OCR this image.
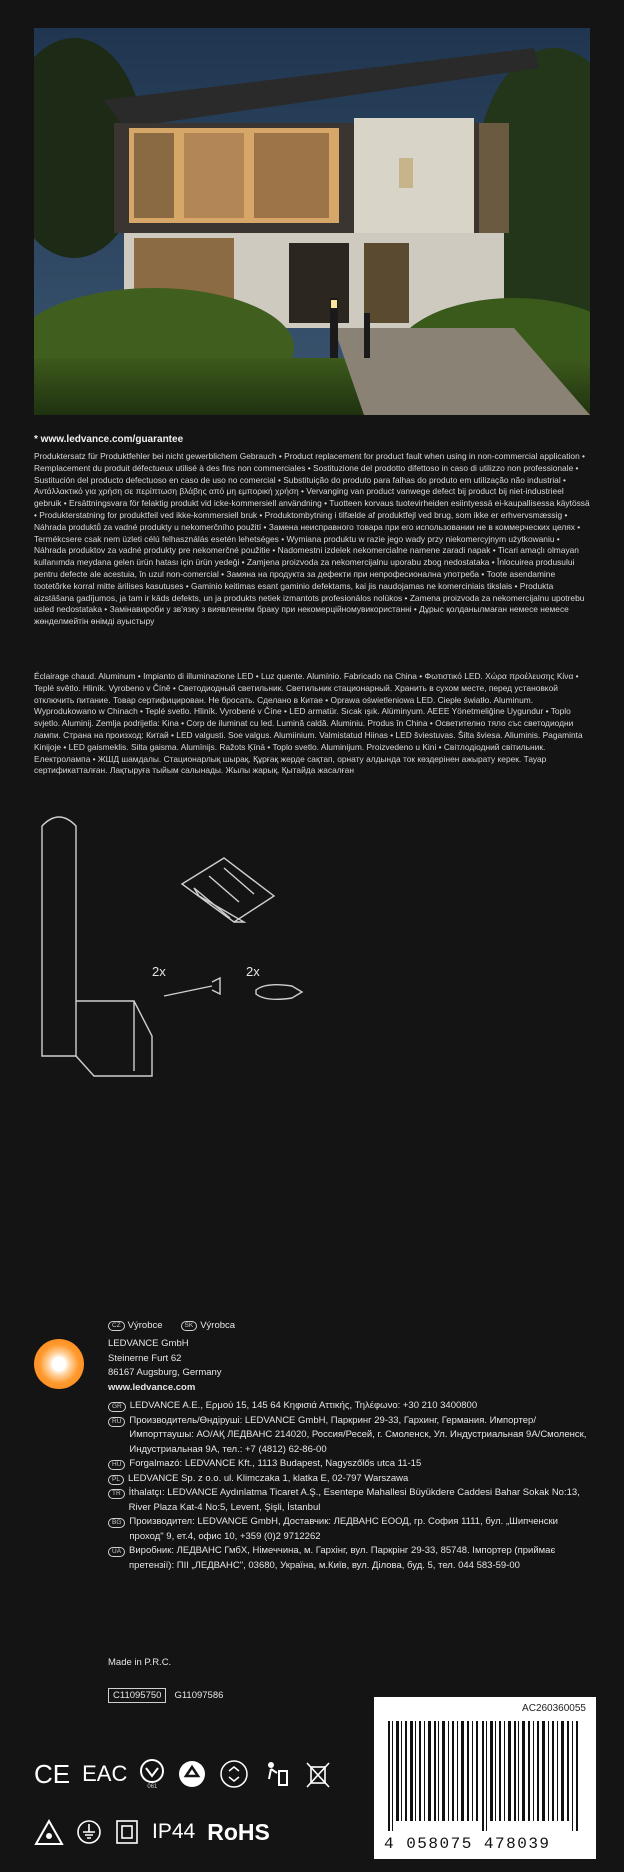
* www.ledvance.com/guarantee

Produktersatz für Produktfehler bei nicht gewerblichem Gebrauch • Product replacement for product fault when using in non-commercial application • Remplacement du produit défectueux utilisé à des fins non commerciales • Sostituzione del prodotto difettoso in caso di utilizzo non professionale • Sustitución del producto defectuoso en caso de uso no comercial • Substituição do produto para falhas do produto em utilização não industrial • Αντάλλακτικό για χρήση σε περίπτωση βλάβης από μη εμπορική χρήση • Vervanging van product vanwege defect bij product bij niet-industrieel gebruik • Ersättningsvara för felaktig produkt vid icke-kommersiell användning • Tuotteen korvaus tuotevirheiden esiintyessä ei-kaupallisessa käytössä • Produkterstatning for produktfeil ved ikke-kommersiell bruk • Produktombytning i tilfælde af produktfejl ved brug, som ikke er erhvervsmæssig • Náhrada produktů za vadné produkty u nekomerčního použití • Замена неисправного товара при его использовании не в коммерческих целях • Termékcsere csak nem üzleti célú felhasználás esetén lehetséges • Wymiana produktu w razie jego wady przy niekomercyjnym użytkowaniu • Náhrada produktov za vadné produkty pre nekomerčné použitie • Nadomestni izdelek nekomercialne namene zaradi napak • Ticari amaçlı olmayan kullanımda meydana gelen ürün hatası için ürün yedeği • Zamjena proizvoda za nekomercijalnu uporabu zbog nedostataka • Înlocuirea produsului pentru defecte ale acestuia, în uzul non-comercial • Замяна на продукта за дефекти при непрофесионална употреба • Toote asendamine tootetõrke korral mitte ärilises kasutuses • Gaminio keitimas esant gaminio defektams, kai jis naudojamas ne komerciniais tikslais • Produkta aizstāšana gadījumos, ja tam ir kāds defekts, un ja produkts netiek izmantots profesionālos nolūkos • Zamena proizvoda za nekomercijalnu upotrebu usled nedostataka • Замінавироби у зв'язку з виявленням браку при некомерційномувикористанні • Дұрыс қолданылмаған немесе немесе жөнделмейтін өнімді ауыстыру

Éclairage chaud. Aluminum • Impianto di illuminazione LED • Luz quente. Alumínio. Fabricado na China • Φωτιστικό LED. Χώρα προέλευσης Κίνα • Teplé světlo. Hliník. Vyrobeno v Číně • Светодиодный светильник. Светильник стационарный. Хранить в сухом месте, перед установкой отключить питание. Товар сертифицирован. Не бросать. Сделано в Китае • Oprawa oświetleniowa LED. Ciepłe światło. Aluminum. Wyprodukowano w Chinach • Teplé svetlo. Hliník. Vyrobené v Číne • LED armatür. Sıcak ışık. Alüminyum. AEEE Yönetmeliğine Uygundur • Toplo svjetlo. Aluminij. Zemlja podrijetla: Kina • Corp de iluminat cu led. Lumină caldă. Aluminiu. Produs în China • Осветително тяло със светодиодни лампи. Страна на произход: Китай • LED valgusti. Soe valgus. Alumiinium. Valmistatud Hiinas • LED šviestuvas. Šilta šviesa. Aliuminis. Pagaminta Kinijoje • LED gaismeklis. Silta gaisma. Alumīnijs. Ražots Ķīnā • Toplo svetlo. Aluminijum. Proizvedeno u Kini • Світлодіодний світильник. Електролампа • ЖШД шамдалы. Стационарлық шырақ. Құрғақ жерде сақтап, орнату алдында ток көздерінен ажырату керек. Тауар сертификатталған. Лақтыруға тыйым салынады. Жылы жарық. Қытайда жасалған

2x	2x
CZ Výrobce	SK Výrobca
LEDVANCE GmbH
Steinerne Furt 62
86167 Augsburg, Germany
www.ledvance.com
GR LEDVANCE A.E., Ερμού 15, 145 64 Κηφισιά Αττικής, Τηλέφωνο: +30 210 3400800
RU Производитель/Өндіруші: LEDVANCE GmbH, Паркринг 29-33, Гархинг, Германия. Импортер/Импорттаушы: АО/АҚ ЛЕДВАНС 214020, Россия/Ресей, г. Смоленск, Ул. Индустриальная 9А/Смоленск, Индустриальная 9А, тел.: +7 (4812) 62-86-00
HU Forgalmazó: LEDVANCE Kft., 1113 Budapest, Nagyszőlős utca 11-15
PL LEDVANCE Sp. z o.o. ul. Klimczaka 1, klatka E, 02-797 Warszawa
TR İthalatçı: LEDVANCE Aydınlatma Ticaret A.Ş., Esentepe Mahallesi Büyükdere Caddesi Bahar Sokak No:13, River Plaza Kat-4 No:5, Levent, Şişli, İstanbul
BG Производител: LEDVANCE GmbH, Доставчик: ЛЕДВАНС ЕООД, гр. София 1111, бул. „Шипченски проход" 9, ет.4, офис 10, +359 (0)2 9712262
UA Виробник: ЛЕДВАНС ГмбХ, Німеччина, м. Гархінг, вул. Паркрінг 29-33, 85748. Імпортер (приймає претензії): ПІІ „ЛЕДВАНС", 03680, Україна, м.Київ, вул. Ділова, буд. 5, тел. 044 583-59-00
Made in P.R.C.
C11095750	G11097586
AC260360055
4 058075 478039
CE EAC
061
IP44 RoHS
